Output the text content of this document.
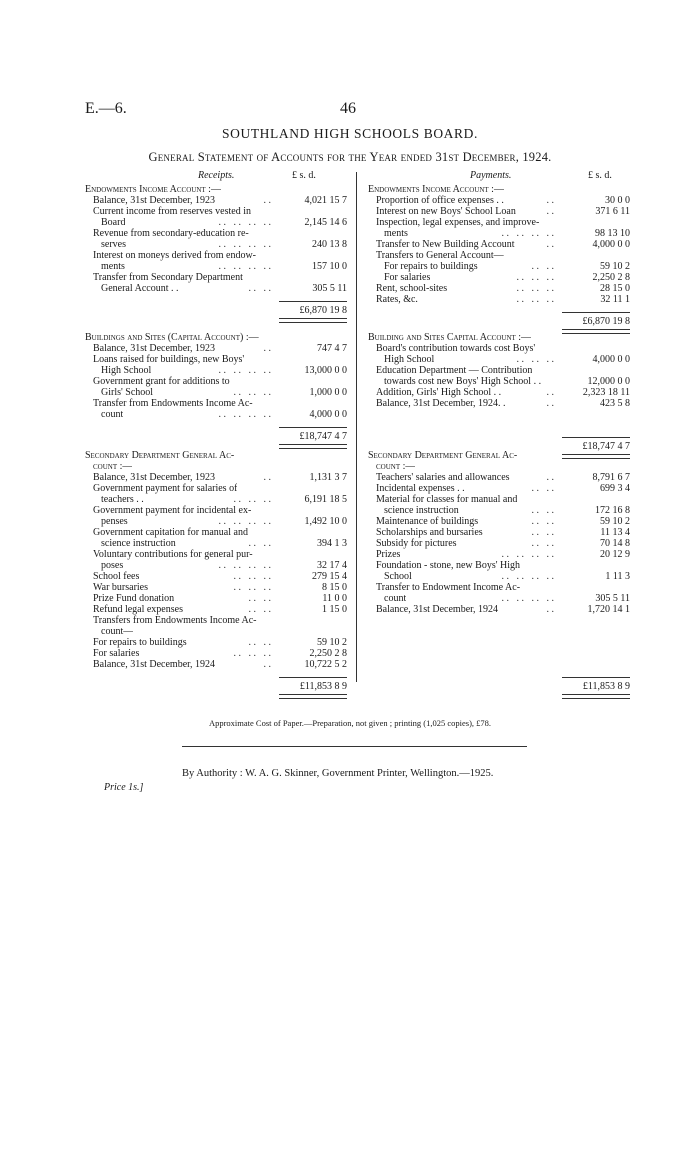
E.—6.	46
SOUTHLAND HIGH SCHOOLS BOARD.
General Statement of Accounts for the Year ended 31st December, 1924.
Receipts.	£ s. d.	Payments.	£ s. d.
Endowments Income Account :—
Balance, 31st December, 1923	. .	4,021 15 7
Current income from reserves vested in
Board	. .   . .   . .   . .	2,145 14 6
Revenue from secondary-education re-
serves	. .   . .   . .   . .	240 13 8
Interest on moneys derived from endow-
ments	. .   . .   . .   . .	157 10 0
Transfer from Secondary Department
General Account . .	. .   . .	305 5 11
£6,870 19 8
Endowments Income Account :—
Proportion of office expenses . .	. .	30 0 0
Interest on new Boys' School Loan	. .	371 6 11
Inspection, legal expenses, and improve-
ments	. .   . .   . .   . .	98 13 10
Transfer to New Building Account	. .	4,000 0 0
Transfers to General Account—
For repairs to buildings	. .   . .	59 10 2
For salaries	. .   . .   . .	2,250 2 8
Rent, school-sites	. .   . .   . .	28 15 0
Rates, &c.	. .   . .   . .	32 11 1
£6,870 19 8
Buildings and Sites (Capital Account) :—
Balance, 31st December, 1923	. .	747 4 7
Loans raised for buildings, new Boys'
High School	. .   . .   . .   . .	13,000 0 0
Government grant for additions to
Girls' School	. .   . .   . .	1,000 0 0
Transfer from Endowments Income Ac-
count	. .   . .   . .   . .	4,000 0 0
£18,747 4 7
Building and Sites Capital Account :—
Board's contribution towards cost Boys'
High School	. .   . .   . .	4,000 0 0
Education Department — Contribution
towards cost new Boys' High School . .	12,000 0 0
Addition, Girls' High School . .	. .	2,323 18 11
Balance, 31st December, 1924. .	. .	423 5 8
£18,747 4 7
Secondary Department General Ac-
count :—
Balance, 31st December, 1923	. .	1,131 3 7
Government payment for salaries of
teachers . .	. .   . .   . .	6,191 18 5
Government payment for incidental ex-
penses	. .   . .   . .   . .	1,492 10 0
Government capitation for manual and
science instruction	. .   . .	394 1 3
Voluntary contributions for general pur-
poses	. .   . .   . .   . .	32 17 4
School fees	. .   . .   . .	279 15 4
War bursaries	. .   . .   . .	8 15 0
Prize Fund donation	. .   . .	11 0 0
Refund legal expenses	. .   . .	1 15 0
Transfers from Endowments Income Ac-
count—
For repairs to buildings	. .   . .	59 10 2
For salaries	. .   . .   . .	2,250 2 8
Balance, 31st December, 1924	. .	10,722 5 2
£11,853 8 9
Secondary Department General Ac-
count :—
Teachers' salaries and allowances	. .	8,791 6 7
Incidental expenses . .	. .   . .	699 3 4
Material for classes for manual and
science instruction	. .   . .	172 16 8
Maintenance of buildings	. .   . .	59 10 2
Scholarships and bursaries	. .   . .	11 13 4
Subsidy for pictures	. .   . .	70 14 8
Prizes	. .   . .   . .   . .	20 12 9
Foundation - stone, new Boys' High
School	. .   . .   . .   . .	1 11 3
Transfer to Endowment Income Ac-
count	. .   . .   . .   . .	305 5 11
Balance, 31st December, 1924	. .	1,720 14 1
£11,853 8 9
Approximate Cost of Paper.—Preparation, not given ; printing (1,025 copies), £78.
By Authority : W. A. G. Skinner, Government Printer, Wellington.—1925.
Price 1s.]
